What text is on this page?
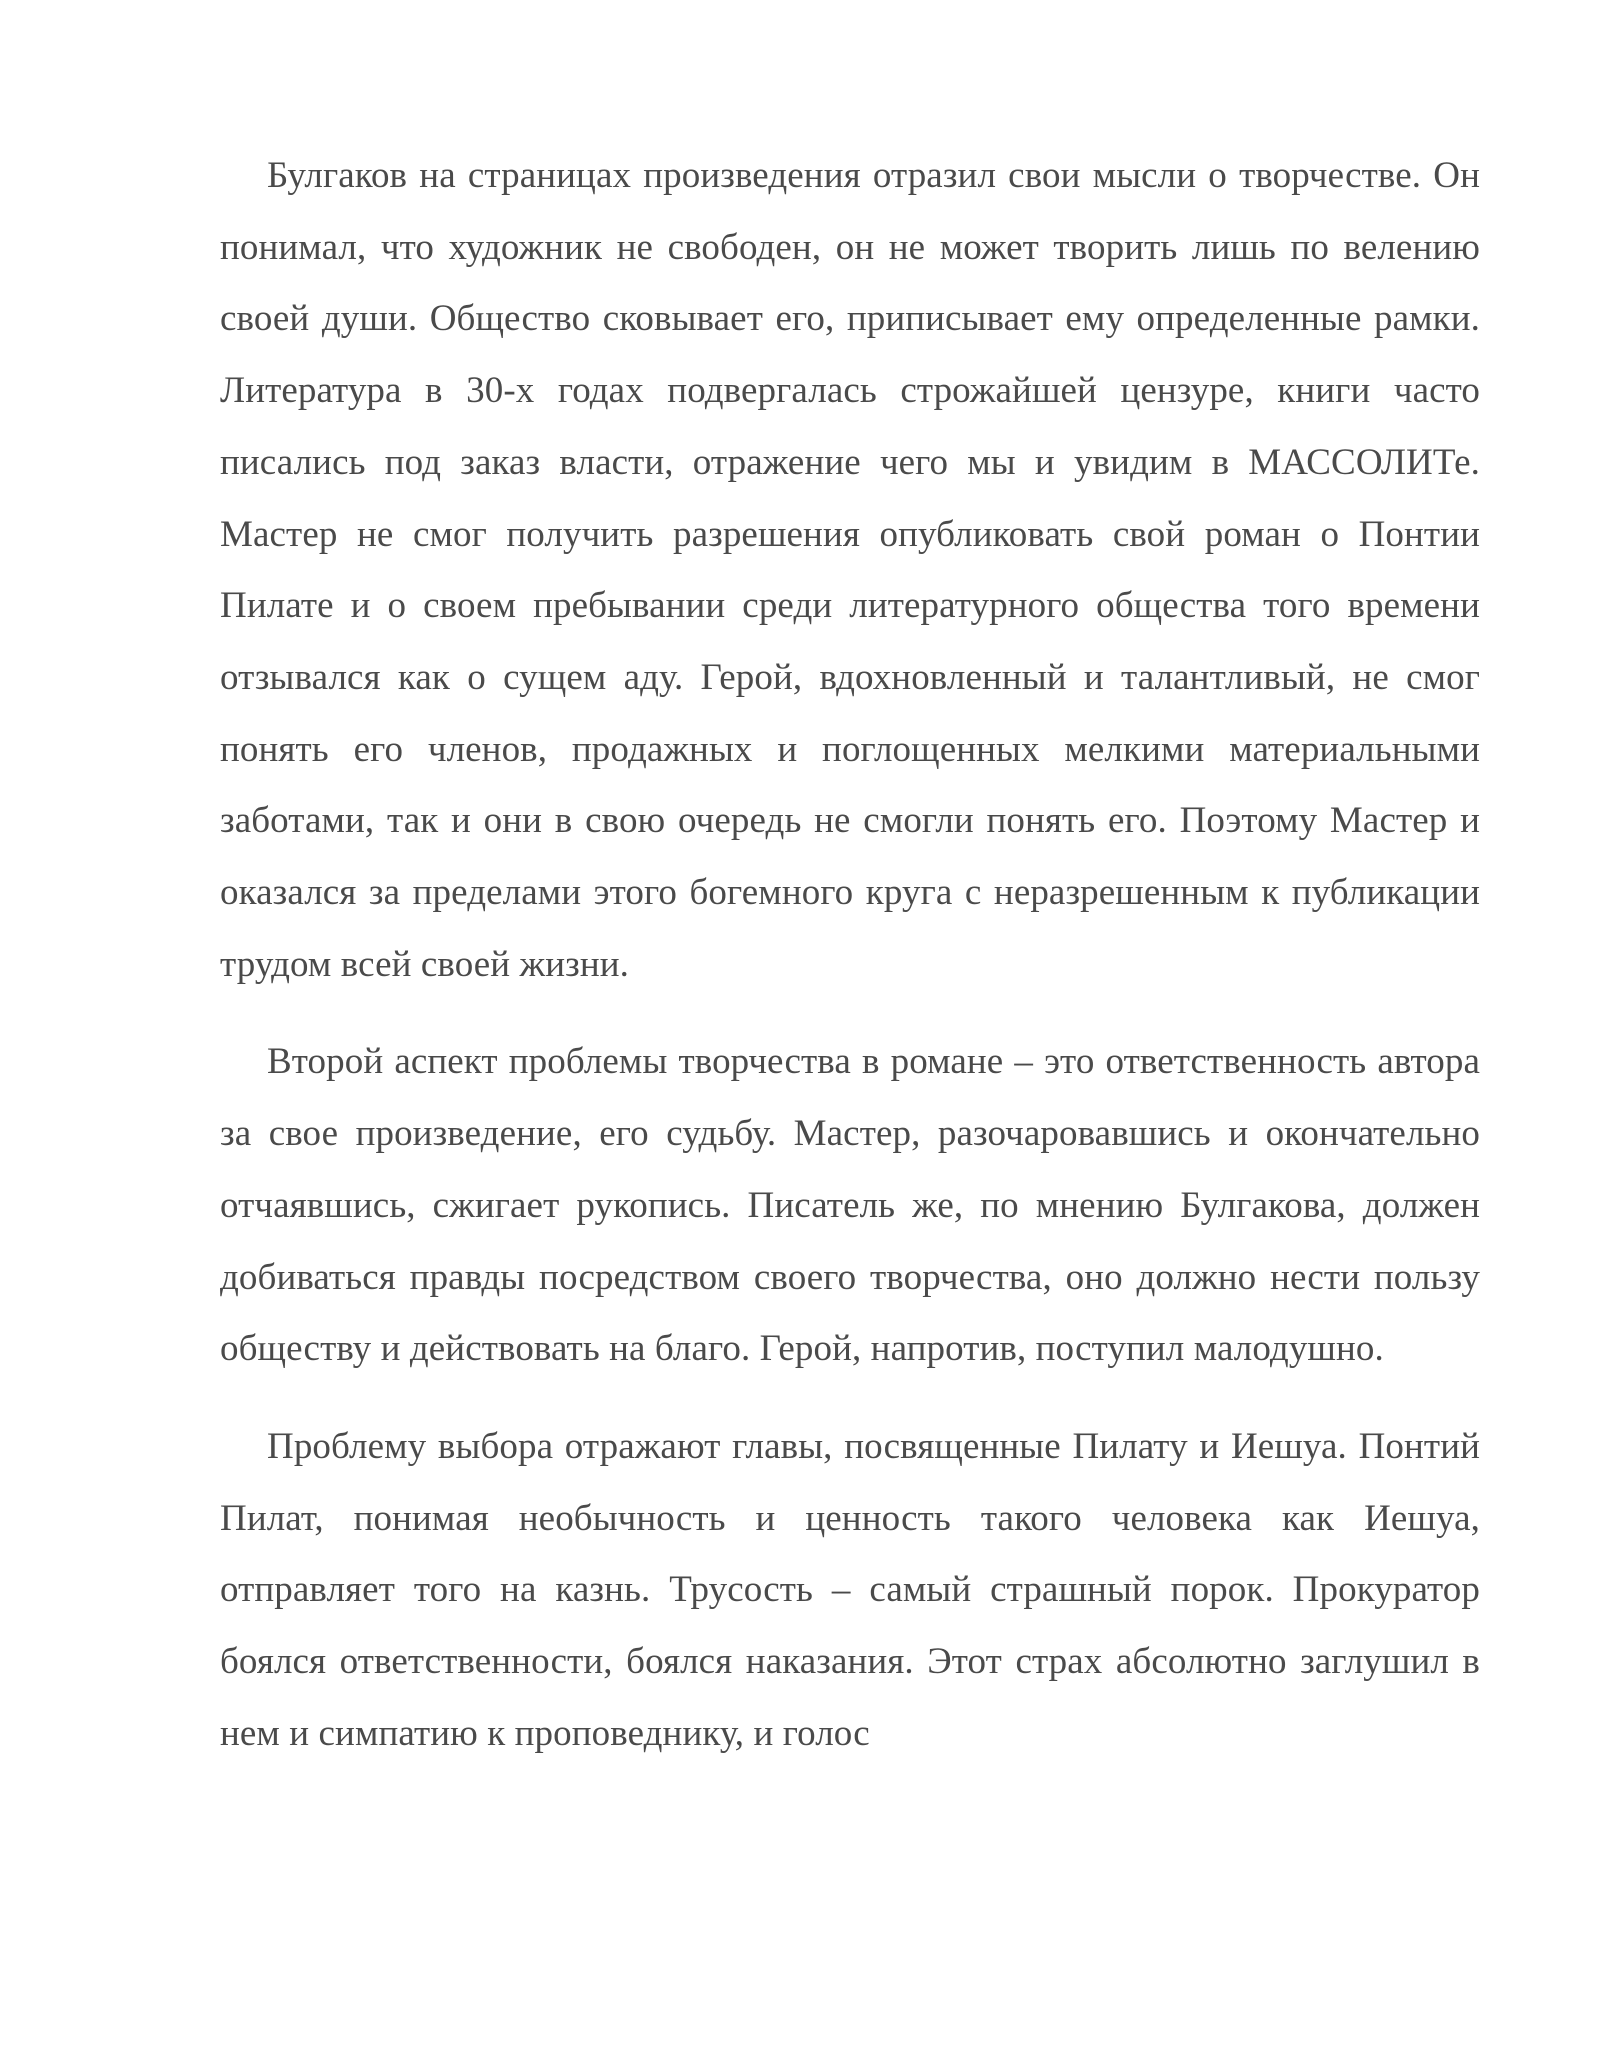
Булгаков на страницах произведения отразил свои мысли о творчестве. Он понимал, что художник не свободен, он не может творить лишь по велению своей души. Общество сковывает его, приписывает ему определенные рамки. Литература в 30-х годах подвергалась строжайшей цензуре, книги часто писались под заказ власти, отражение чего мы и увидим в МАССОЛИТе. Мастер не смог получить разрешения опубликовать свой роман о Понтии Пилате и о своем пребывании среди литературного общества того времени отзывался как о сущем аду. Герой, вдохновленный и талантливый, не смог понять его членов, продажных и поглощенных мелкими материальными заботами, так и они в свою очередь не смогли понять его. Поэтому Мастер и оказался за пределами этого богемного круга с неразрешенным к публикации трудом всей своей жизни.

Второй аспект проблемы творчества в романе – это ответственность автора за свое произведение, его судьбу. Мастер, разочаровавшись и окончательно отчаявшись, сжигает рукопись. Писатель же, по мнению Булгакова, должен добиваться правды посредством своего творчества, оно должно нести пользу обществу и действовать на благо. Герой, напротив, поступил малодушно.

Проблему выбора отражают главы, посвященные Пилату и Иешуа. Понтий Пилат, понимая необычность и ценность такого человека как Иешуа, отправляет того на казнь. Трусость – самый страшный порок. Прокуратор боялся ответственности, боялся наказания. Этот страх абсолютно заглушил в нем и симпатию к проповеднику, и голос
